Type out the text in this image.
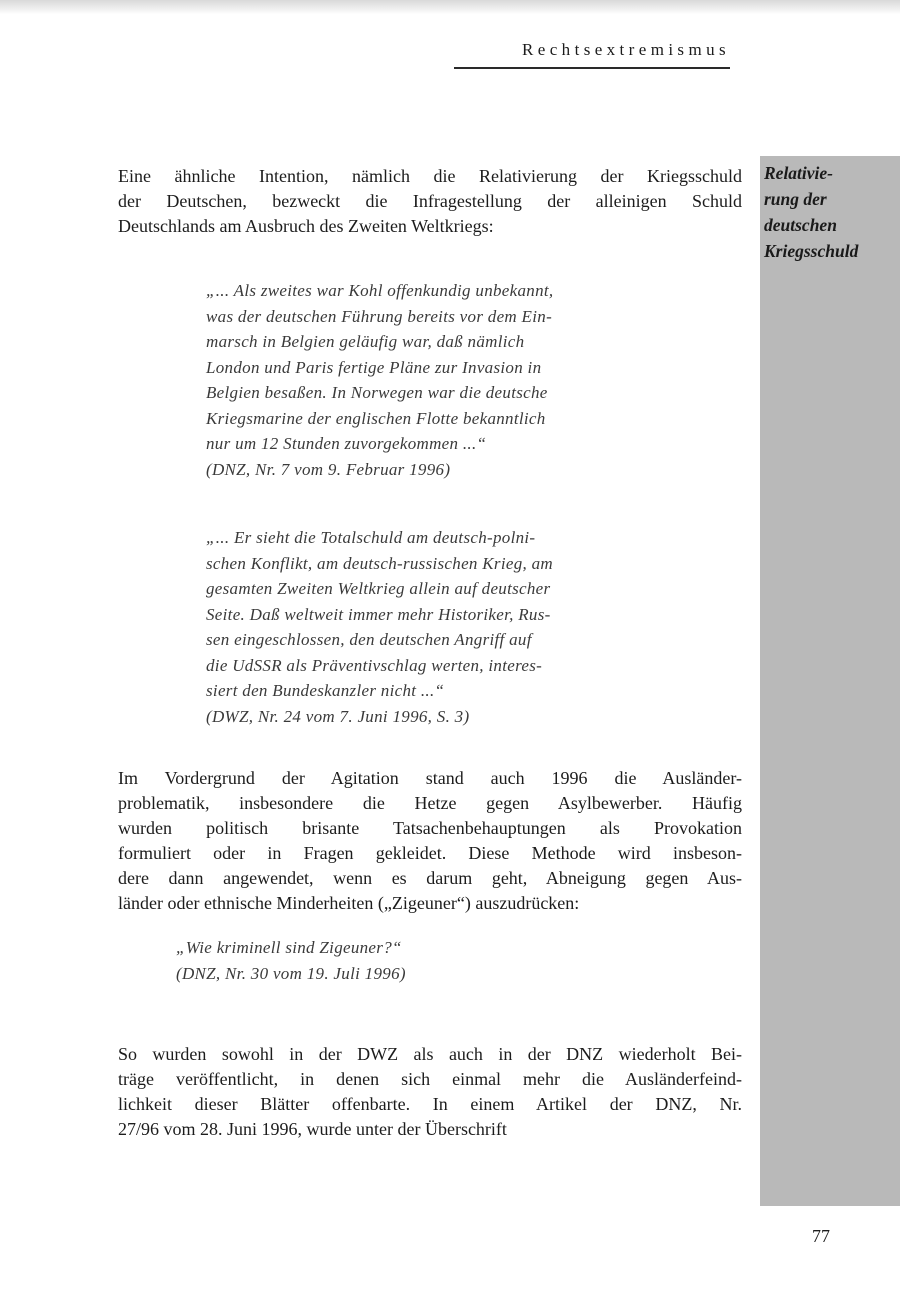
Rechtsextremismus
Relativie-
rung der
deutschen
Kriegsschuld

Eine ähnliche Intention, nämlich die Relativierung der Kriegsschuld
der Deutschen, bezweckt die Infragestellung der alleinigen Schuld
Deutschlands am Ausbruch des Zweiten Weltkriegs:

„... Als zweites war Kohl offenkundig unbekannt,
was der deutschen Führung bereits vor dem Ein-
marsch in Belgien geläufig war, daß nämlich
London und Paris fertige Pläne zur Invasion in
Belgien besaßen. In Norwegen war die deutsche
Kriegsmarine der englischen Flotte bekanntlich
nur um 12 Stunden zuvorgekommen ...“
(DNZ, Nr. 7 vom 9. Februar 1996)
„... Er sieht die Totalschuld am deutsch-polni-
schen Konflikt, am deutsch-russischen Krieg, am
gesamten Zweiten Weltkrieg allein auf deutscher
Seite. Daß weltweit immer mehr Historiker, Rus-
sen eingeschlossen, den deutschen Angriff auf
die UdSSR als Präventivschlag werten, interes-
siert den Bundeskanzler nicht ...“
(DWZ, Nr. 24 vom 7. Juni 1996, S. 3)

Im Vordergrund der Agitation stand auch 1996 die Ausländer-
problematik, insbesondere die Hetze gegen Asylbewerber. Häufig
wurden politisch brisante Tatsachenbehauptungen als Provokation
formuliert oder in Fragen gekleidet. Diese Methode wird insbeson-
dere dann angewendet, wenn es darum geht, Abneigung gegen Aus-
länder oder ethnische Minderheiten („Zigeuner“) auszudrücken:

„Wie kriminell sind Zigeuner?“
(DNZ, Nr. 30 vom 19. Juli 1996)

So wurden sowohl in der DWZ als auch in der DNZ wiederholt Bei-
träge veröffentlicht, in denen sich einmal mehr die Ausländerfeind-
lichkeit dieser Blätter offenbarte. In einem Artikel der DNZ, Nr.
27/96 vom 28. Juni 1996, wurde unter der Überschrift

77
